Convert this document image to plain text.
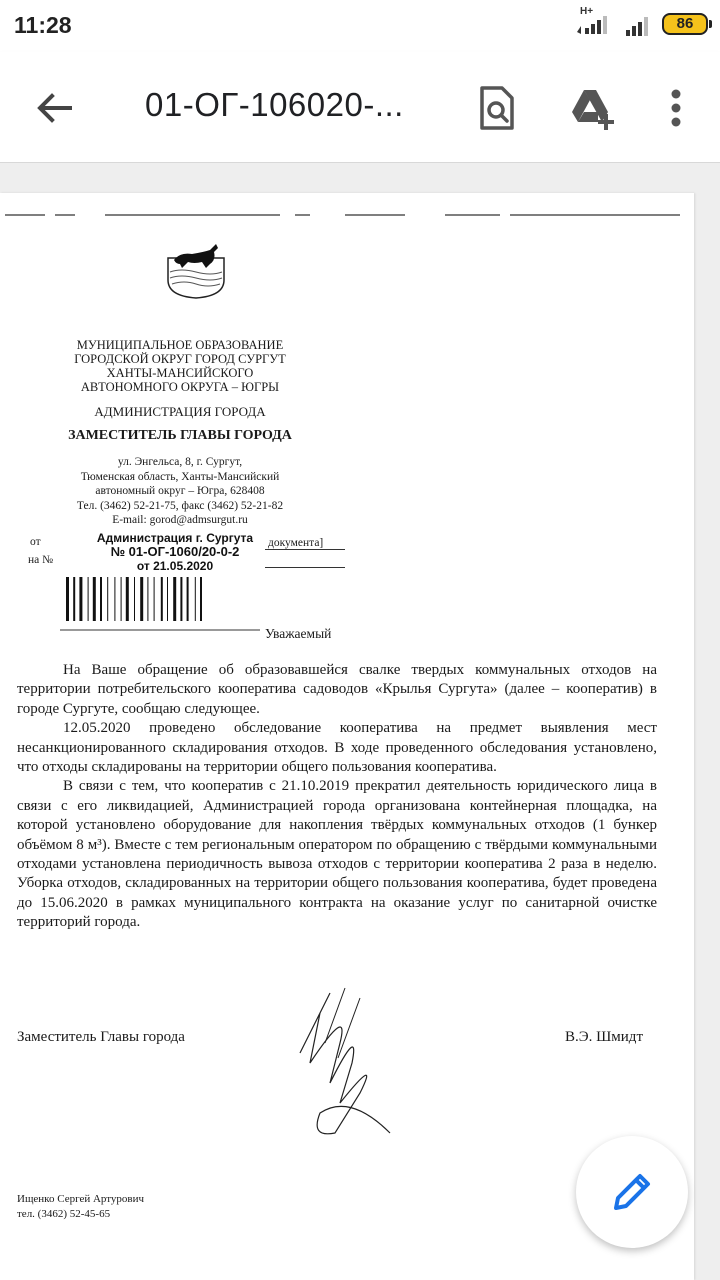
11:28
H+
86
01-ОГ-106020-...
МУНИЦИПАЛЬНОЕ ОБРАЗОВАНИЕ
ГОРОДСКОЙ ОКРУГ ГОРОД СУРГУТ
ХАНТЫ-МАНСИЙСКОГО
АВТОНОМНОГО ОКРУГА – ЮГРЫ
АДМИНИСТРАЦИЯ ГОРОДА
ЗАМЕСТИТЕЛЬ ГЛАВЫ ГОРОДА
ул. Энгельса, 8, г. Сургут,
Тюменская область, Ханты-Мансийский
автономный округ – Югра, 628408
Тел. (3462) 52-21-75, факс (3462) 52-21-82
E-mail: gorod@admsurgut.ru
от
на №
документа]
Администрация г. Сургута
№ 01-ОГ-1060/20-0-2
от 21.05.2020
Уважаемый

На Ваше обращение об образовавшейся свалке твердых коммунальных отходов на территории потребительского кооператива садоводов «Крылья Сургута» (далее – кооператив) в городе Сургуте, сообщаю следующее.

12.05.2020 проведено обследование кооператива на предмет выявления мест несанкционированного складирования отходов. В ходе проведенного обследования установлено, что отходы складированы на территории общего пользования кооператива.

В связи с тем, что кооператив с 21.10.2019 прекратил деятельность юридического лица в связи с его ликвидацией, Администрацией города организована контейнерная площадка, на которой установлено оборудование для накопления твёрдых коммунальных отходов (1 бункер объёмом 8 м³). Вместе с тем региональным оператором по обращению с твёрдыми коммунальными отходами установлена периодичность вывоза отходов с территории кооператива 2 раза в неделю. Уборка отходов, складированных на территории общего пользования кооператива, будет проведена до 15.06.2020 в рамках муниципального контракта на оказание услуг по санитарной очистке территорий города.

Заместитель Главы города	В.Э. Шмидт
Ищенко Сергей Артурович
тел. (3462) 52-45-65
